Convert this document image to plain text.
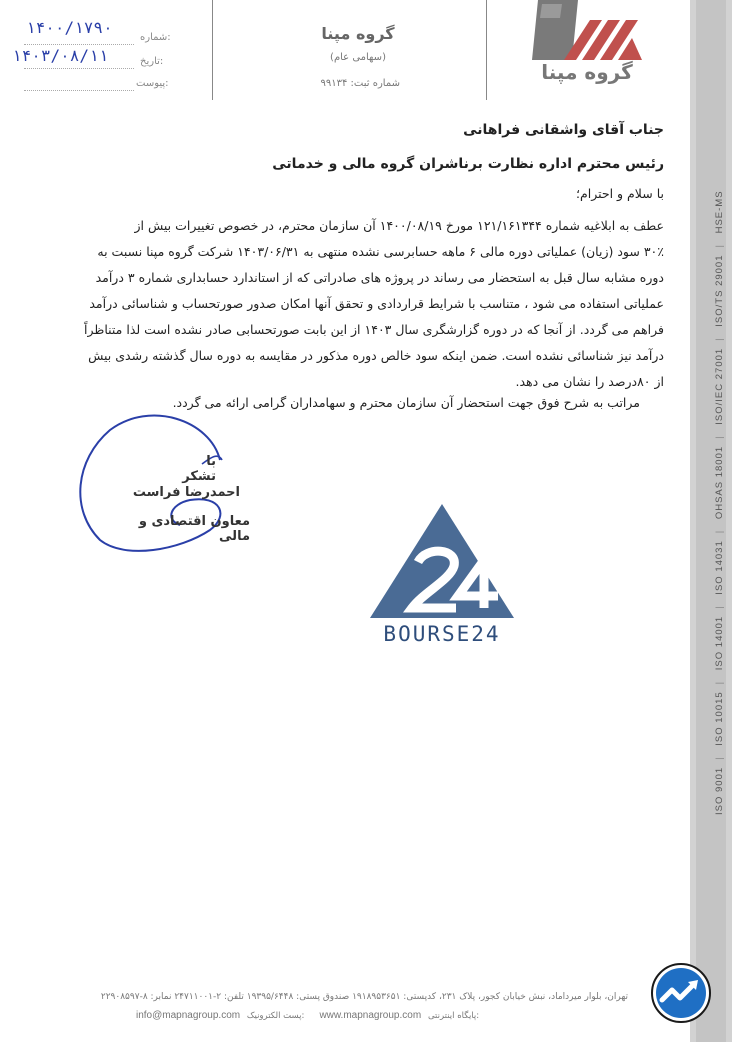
ISO 9001| ISO 10015| ISO 14001| ISO 14031| OHSAS 18001| ISO/IEC 27001| ISO/TS 29001| HSE-MS
شماره:
تاریخ:
پیوست:
۱۴۰۰/۱۷۹۰
۱۴۰۳/۰۸/۱۱
گروه مپنا
(سهامی عام)
شماره ثبت: ۹۹۱۳۴	گروه مپنا
جناب آقای واشقانی فراهانی
رئیس محترم اداره نظارت برناشران گروه مالی و خدماتی
با سلام و احترام؛
عطف به ابلاغیه شماره ۱۲۱/۱۶۱۳۴۴ مورخ ۱۴۰۰/۰۸/۱۹ آن سازمان محترم، در خصوص تغییرات بیش از
۳۰٪ سود (زیان) عملیاتی دوره مالی ۶ ماهه حسابرسی نشده منتهی به ۱۴۰۳/۰۶/۳۱ شرکت گروه مپنا نسبت به
دوره مشابه سال قبل به استحضار می رساند در پروژه های صادراتی که از استاندارد حسابداری شماره ۳ درآمد
عملیاتی استفاده می شود ، متناسب با شرایط قراردادی و تحقق آنها امکان صدور صورتحساب و شناسائی درآمد
فراهم می گردد. از آنجا که در دوره گزارشگری سال ۱۴۰۳ از این بابت صورتحسابی صادر نشده است لذا متناظراً
درآمد نیز شناسائی نشده است. ضمن اینکه سود خالص دوره مذکور در مقایسه به دوره سال گذشته رشدی بیش
از ۸۰درصد را نشان می دهد.
مراتب به شرح فوق جهت استحضار آن سازمان محترم و سهامداران گرامی ارائه می گردد.
با تشکر
احمدرضا فراست
معاون اقتصادی و مالی
BOURSE24
تهران، بلوار میرداماد، نبش خیابان کجور، پلاک ۲۳۱، کدپستی: ۱۹۱۸۹۵۳۶۵۱ صندوق پستی: ۱۹۳۹۵/۶۴۴۸ تلفن: ۲-۲۴۷۱۱۰۰۱ نمابر: ۸-۲۲۹۰۸۵۹۷
info@mapnagroup.com پست الکترونیک: www.mapnagroup.com پایگاه اینترنتی:
